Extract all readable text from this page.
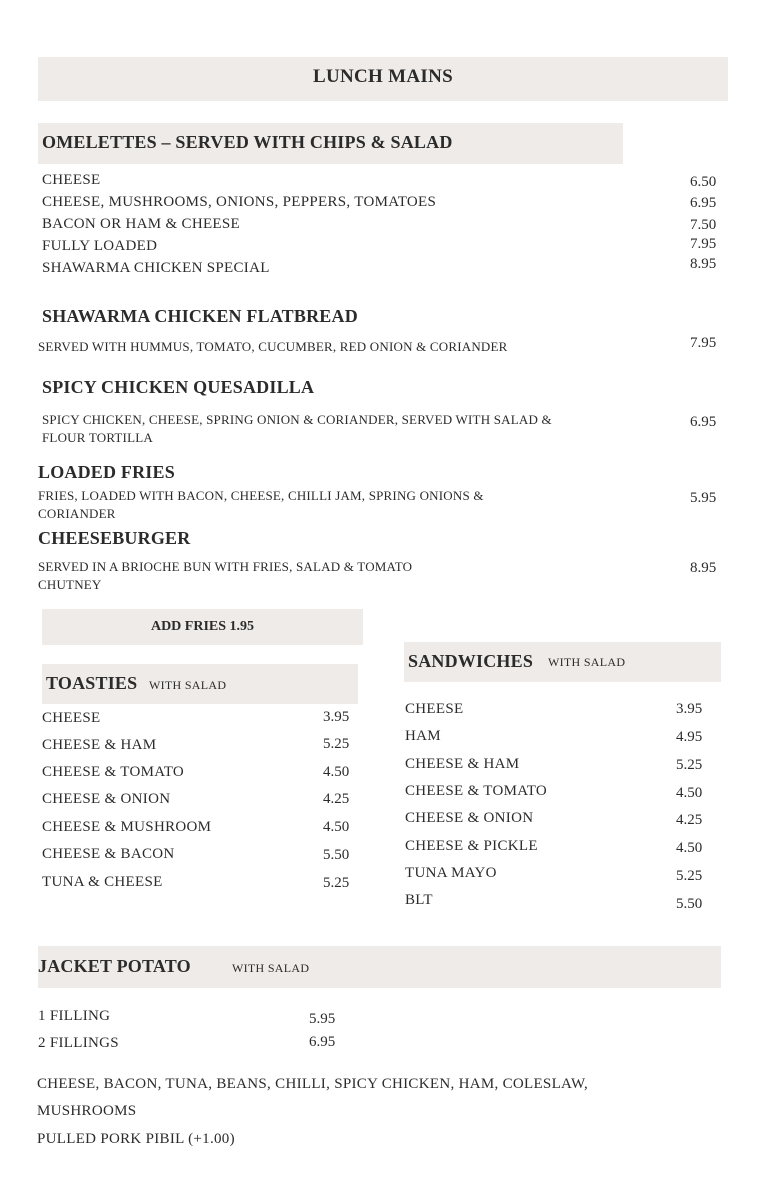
LUNCH MAINS
OMELETTES – SERVED WITH CHIPS & SALAD
CHEESE	6.50
CHEESE, MUSHROOMS, ONIONS, PEPPERS, TOMATOES	6.95
BACON OR HAM & CHEESE	7.50
FULLY LOADED	7.95
SHAWARMA CHICKEN SPECIAL	8.95
SHAWARMA CHICKEN FLATBREAD
SERVED WITH HUMMUS, TOMATO, CUCUMBER, RED ONION & CORIANDER	7.95
SPICY CHICKEN QUESADILLA
SPICY CHICKEN, CHEESE, SPRING ONION & CORIANDER, SERVED WITH SALAD & FLOUR TORTILLA
6.95
LOADED FRIES
FRIES, LOADED WITH BACON, CHEESE, CHILLI JAM, SPRING ONIONS & CORIANDER
5.95
CHEESEBURGER
SERVED IN A BRIOCHE BUN WITH FRIES, SALAD & TOMATO CHUTNEY
8.95
ADD FRIES 1.95
TOASTIES WITH SALAD
CHEESE	3.95
CHEESE & HAM	5.25
CHEESE & TOMATO	4.50
CHEESE & ONION	4.25
CHEESE & MUSHROOM	4.50
CHEESE & BACON	5.50
TUNA & CHEESE	5.25
SANDWICHES WITH SALAD
CHEESE	3.95
HAM	4.95
CHEESE & HAM	5.25
CHEESE & TOMATO	4.50
CHEESE & ONION	4.25
CHEESE & PICKLE	4.50
TUNA MAYO	5.25
BLT	5.50
JACKET POTATO	WITH SALAD
1 FILLING	5.95
2 FILLINGS	6.95
CHEESE, BACON, TUNA, BEANS, CHILLI, SPICY CHICKEN, HAM, COLESLAW,
MUSHROOMS
PULLED PORK PIBIL (+1.00)
